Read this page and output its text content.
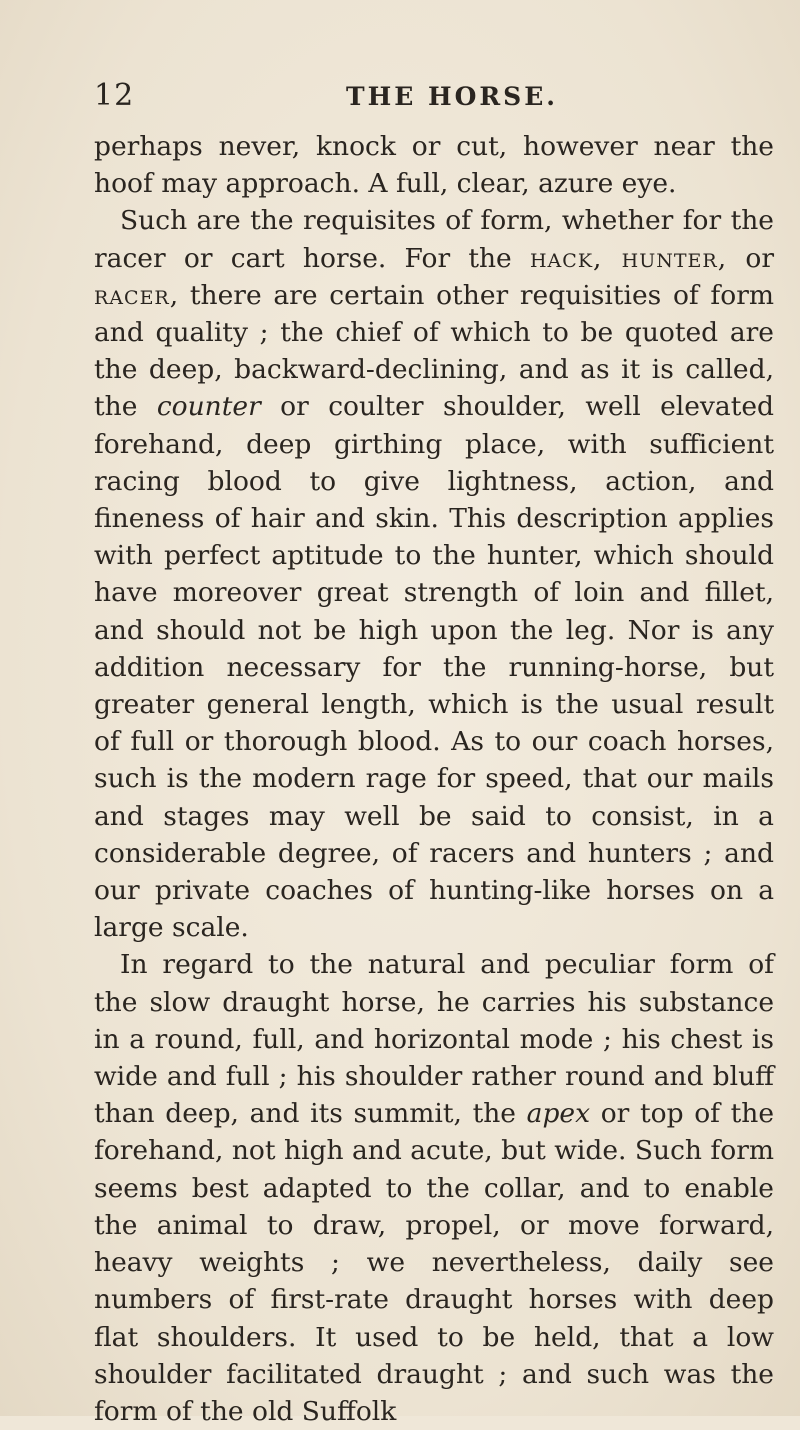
12	THE HORSE.

perhaps never, knock or cut, however near the hoof may approach. A full, clear, azure eye.

Such are the requisites of form, whether for the racer or cart horse. For the hack, hunter, or racer, there are certain other requisities of form and quality ; the chief of which to be quoted are the deep, backward-declining, and as it is called, the counter or coulter shoulder, well elevated forehand, deep girthing place, with sufficient racing blood to give lightness, action, and fineness of hair and skin. This description applies with perfect aptitude to the hunter, which should have moreover great strength of loin and fillet, and should not be high upon the leg. Nor is any addition necessary for the running-horse, but greater general length, which is the usual result of full or thorough blood. As to our coach horses, such is the modern rage for speed, that our mails and stages may well be said to consist, in a considerable degree, of racers and hunters ; and our private coaches of hunting-like horses on a large scale.

In regard to the natural and peculiar form of the slow draught horse, he carries his substance in a round, full, and horizontal mode ; his chest is wide and full ; his shoulder rather round and bluff than deep, and its summit, the apex or top of the forehand, not high and acute, but wide. Such form seems best adapted to the collar, and to enable the animal to draw, propel, or move forward, heavy weights ; we nevertheless, daily see numbers of first-rate draught horses with deep flat shoulders. It used to be held, that a low shoulder facilitated draught ; and such was the form of the old Suffolk
